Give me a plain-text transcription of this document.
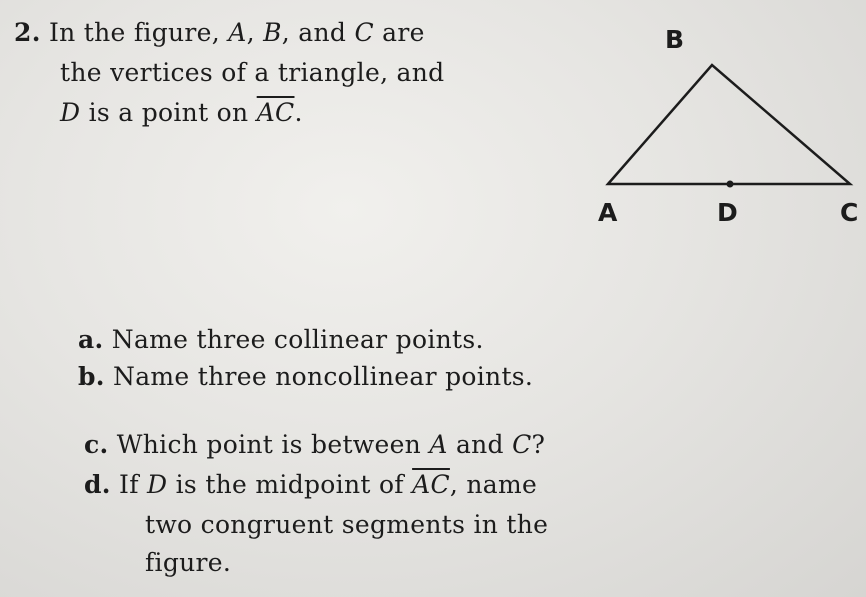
2. In the figure, A, B, and C are
the vertices of a triangle, and
D is a point on $\overline{AC}$.
B
A	D	C
a. Name three collinear points.
b. Name three noncollinear points.
c. Which point is between A and C?
d. If D is the midpoint of $\overline{AC}$, name
two congruent segments in the
figure.
